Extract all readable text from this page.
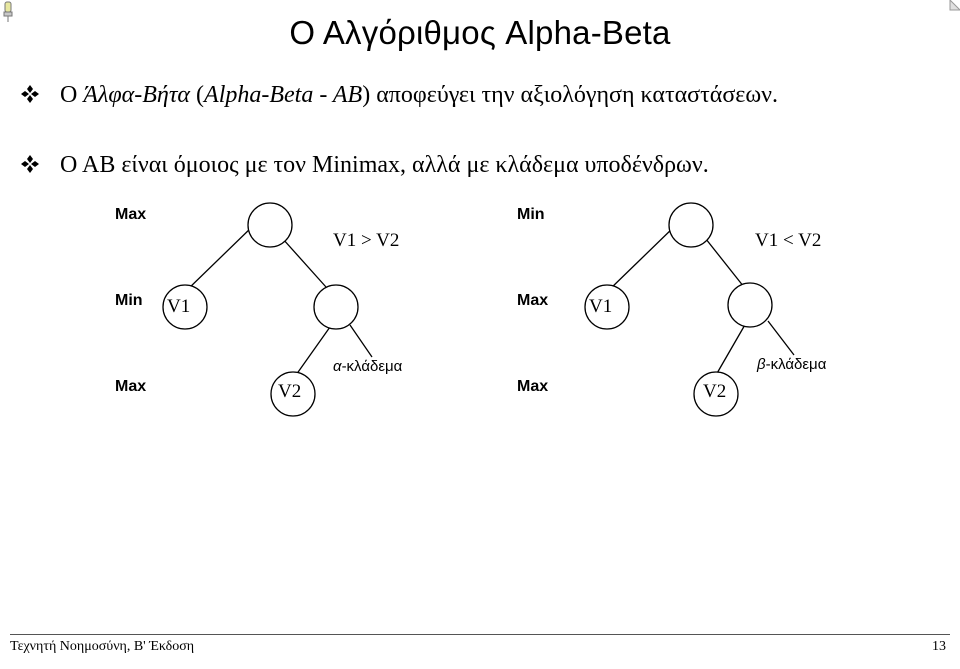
Ο Αλγόριθμος Alpha-Beta
Ο Άλφα-Βήτα (Alpha-Beta - AB) αποφεύγει την αξιολόγηση καταστάσεων.
Ο ΑΒ είναι όμοιος με τον Minimax, αλλά με κλάδεμα υποδένδρων.
Max
Min
Max
V1
V2
V1 > V2
α-κλάδεμα
Min
Max
Max
V1
V2
V1 < V2
β-κλάδεμα
Τεχνητή Νοημοσύνη, Β' Έκδοση	13
